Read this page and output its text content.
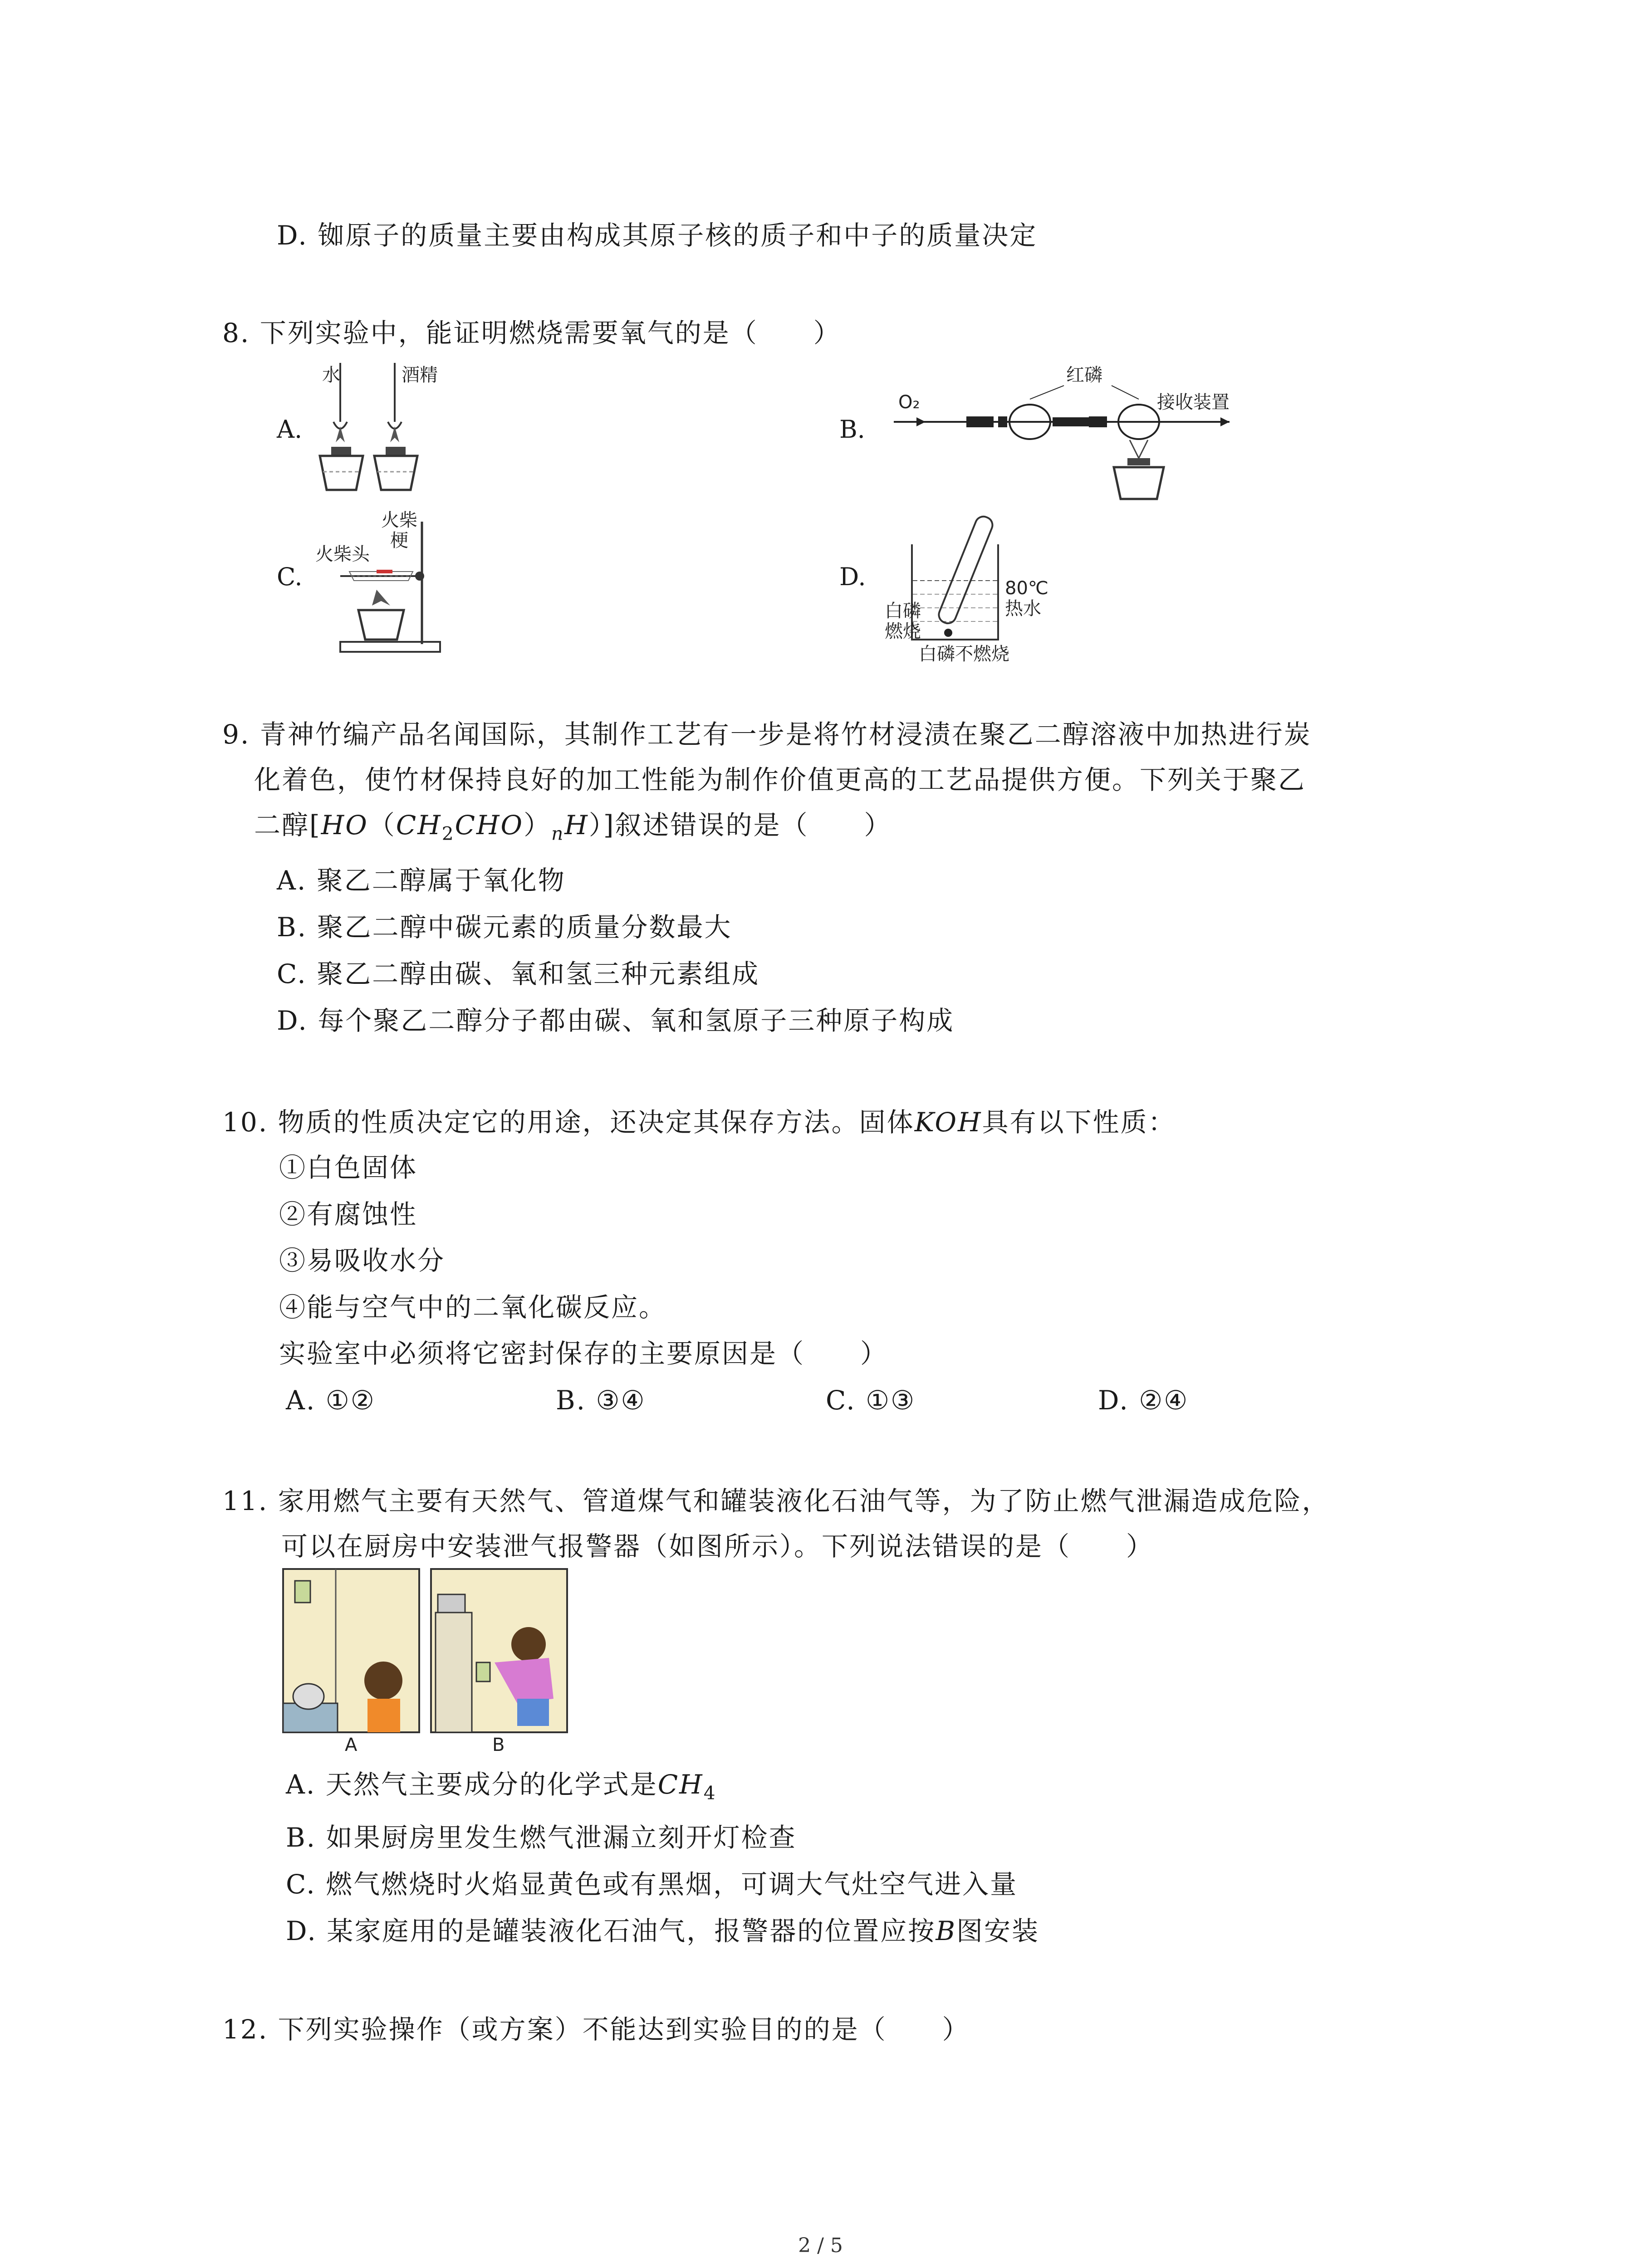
D. 铷原子的质量主要由构成其原子核的质子和中子的质量决定
8. 下列实验中，能证明燃烧需要氧气的是（　　）
A.
水	酒精
B.
O₂
红磷
接收装置
C.
火柴
梗
火柴头
D.
白磷
燃烧
80℃
热水
白磷不燃烧
9. 青神竹编产品名闻国际，其制作工艺有一步是将竹材浸渍在聚乙二醇溶液中加热进行炭
化着色，使竹材保持良好的加工性能为制作价值更高的工艺品提供方便。下列关于聚乙
二醇$[HO(CH_2CHO)_nH)$]叙述错误的是（　　）
A. 聚乙二醇属于氧化物
B. 聚乙二醇中碳元素的质量分数最大
C. 聚乙二醇由碳、氧和氢三种元素组成
D. 每个聚乙二醇分子都由碳、氧和氢原子三种原子构成
10. 物质的性质决定它的用途，还决定其保存方法。固体KOH具有以下性质：
①白色固体
②有腐蚀性
③易吸收水分
④能与空气中的二氧化碳反应。
实验室中必须将它密封保存的主要原因是（　　）
A. ①②	B. ③④	C. ①③	D. ②④
11. 家用燃气主要有天然气、管道煤气和罐装液化石油气等，为了防止燃气泄漏造成危险，
可以在厨房中安装泄气报警器（如图所示）。下列说法错误的是（　　）
A	B
A. 天然气主要成分的化学式是$CH_4$
B. 如果厨房里发生燃气泄漏立刻开灯检查
C. 燃气燃烧时火焰显黄色或有黑烟，可调大气灶空气进入量
D. 某家庭用的是罐装液化石油气，报警器的位置应按B图安装
12. 下列实验操作（或方案）不能达到实验目的的是（　　）
2 / 5
